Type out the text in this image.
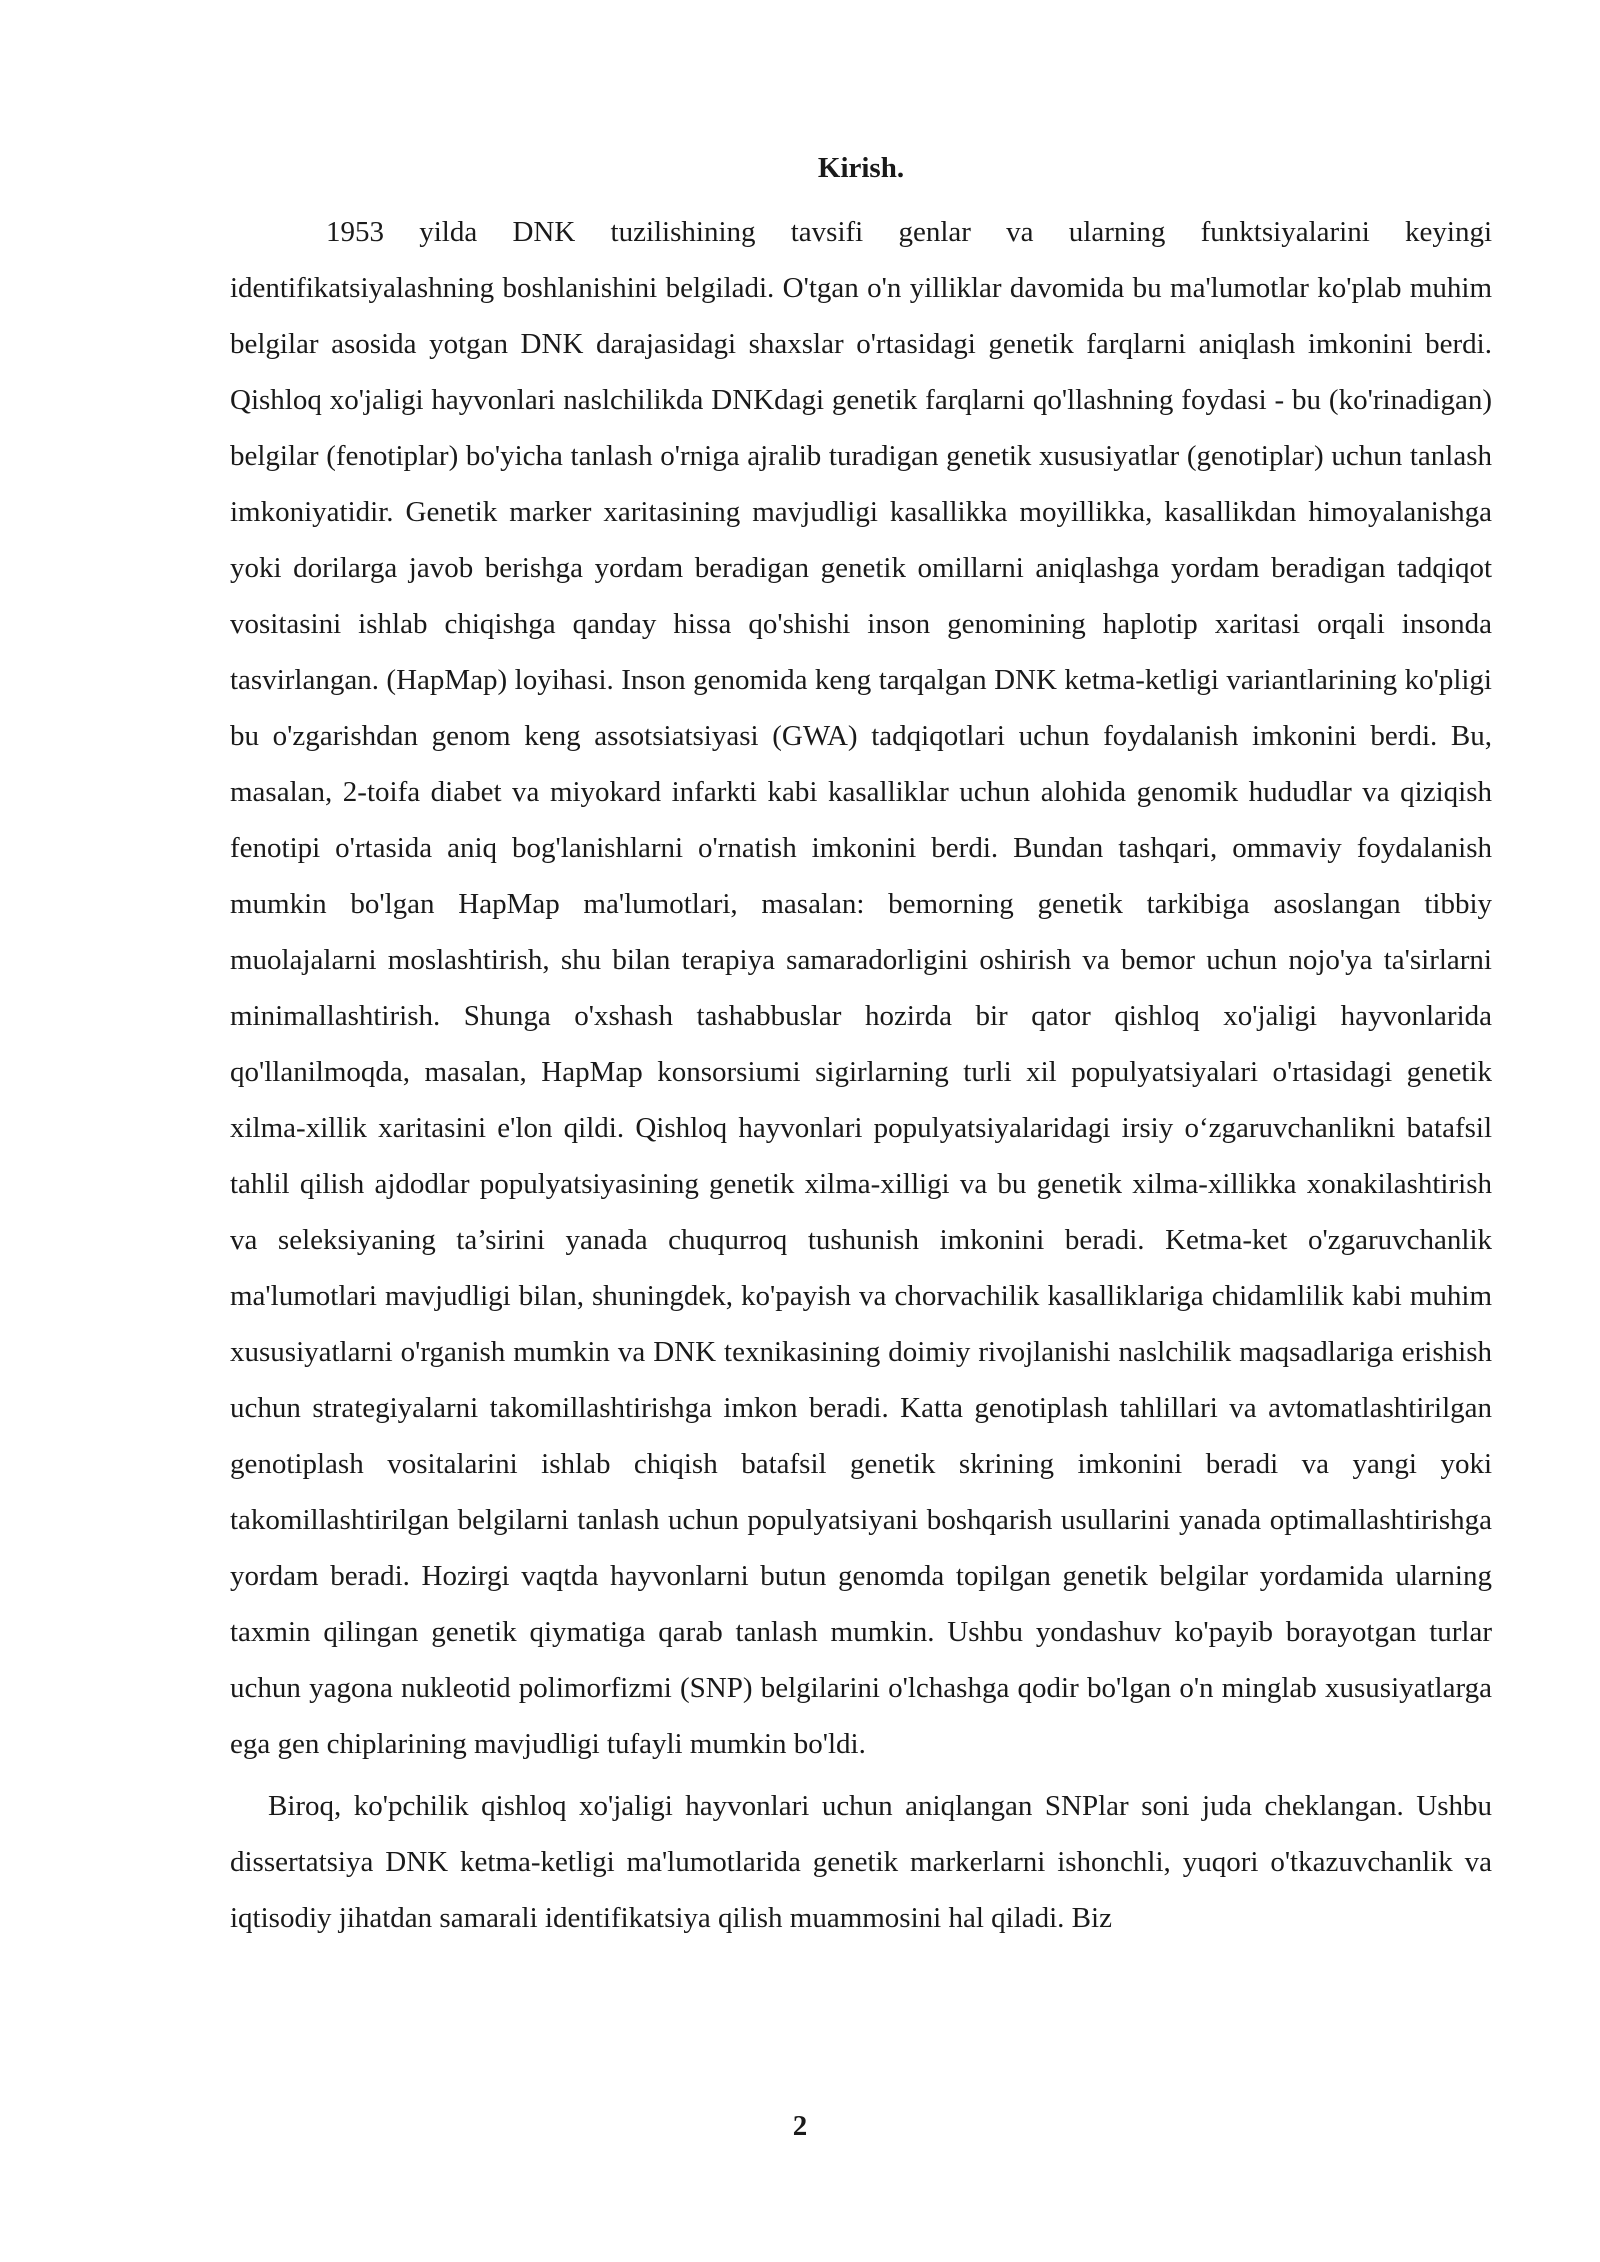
Kirish.

1953 yilda DNK tuzilishining tavsifi genlar va ularning funktsiyalarini keyingi identifikatsiyalashning boshlanishini belgiladi. O'tgan o'n yilliklar davomida bu ma'lumotlar ko'plab muhim belgilar asosida yotgan DNK darajasidagi shaxslar o'rtasidagi genetik farqlarni aniqlash imkonini berdi. Qishloq xo'jaligi hayvonlari naslchilikda DNKdagi genetik farqlarni qo'llashning foydasi - bu (ko'rinadigan) belgilar (fenotiplar) bo'yicha tanlash o'rniga ajralib turadigan genetik xususiyatlar (genotiplar) uchun tanlash imkoniyatidir. Genetik marker xaritasining mavjudligi kasallikka moyillikka, kasallikdan himoyalanishga yoki dorilarga javob berishga yordam beradigan genetik omillarni aniqlashga yordam beradigan tadqiqot vositasini ishlab chiqishga qanday hissa qo'shishi inson genomining haplotip xaritasi orqali insonda tasvirlangan. (HapMap) loyihasi. Inson genomida keng tarqalgan DNK ketma-ketligi variantlarining ko'pligi bu o'zgarishdan genom keng assotsiatsiyasi (GWA) tadqiqotlari uchun foydalanish imkonini berdi. Bu, masalan, 2-toifa diabet va miyokard infarkti kabi kasalliklar uchun alohida genomik hududlar va qiziqish fenotipi o'rtasida aniq bog'lanishlarni o'rnatish imkonini berdi. Bundan tashqari, ommaviy foydalanish mumkin bo'lgan HapMap ma'lumotlari, masalan: bemorning genetik tarkibiga asoslangan tibbiy muolajalarni moslashtirish, shu bilan terapiya samaradorligini oshirish va bemor uchun nojo'ya ta'sirlarni minimallashtirish. Shunga o'xshash tashabbuslar hozirda bir qator qishloq xo'jaligi hayvonlarida qo'llanilmoqda, masalan, HapMap konsorsiumi sigirlarning turli xil populyatsiyalari o'rtasidagi genetik xilma-xillik xaritasini e'lon qildi. Qishloq hayvonlari populyatsiyalaridagi irsiy o‘zgaruvchanlikni batafsil tahlil qilish ajdodlar populyatsiyasining genetik xilma-xilligi va bu genetik xilma-xillikka xonakilashtirish va seleksiyaning ta’sirini yanada chuqurroq tushunish imkonini beradi. Ketma-ket o'zgaruvchanlik ma'lumotlari mavjudligi bilan, shuningdek, ko'payish va chorvachilik kasalliklariga chidamlilik kabi muhim xususiyatlarni o'rganish mumkin va DNK texnikasining doimiy rivojlanishi naslchilik maqsadlariga erishish uchun strategiyalarni takomillashtirishga imkon beradi. Katta genotiplash tahlillari va avtomatlashtirilgan genotiplash vositalarini ishlab chiqish batafsil genetik skrining imkonini beradi va yangi yoki takomillashtirilgan belgilarni tanlash uchun populyatsiyani boshqarish usullarini yanada optimallashtirishga yordam beradi. Hozirgi vaqtda hayvonlarni butun genomda topilgan genetik belgilar yordamida ularning taxmin qilingan genetik qiymatiga qarab tanlash mumkin. Ushbu yondashuv ko'payib borayotgan turlar uchun yagona nukleotid polimorfizmi (SNP) belgilarini o'lchashga qodir bo'lgan o'n minglab xususiyatlarga ega gen chiplarining mavjudligi tufayli mumkin bo'ldi.

Biroq, ko'pchilik qishloq xo'jaligi hayvonlari uchun aniqlangan SNPlar soni juda cheklangan. Ushbu dissertatsiya DNK ketma-ketligi ma'lumotlarida genetik markerlarni ishonchli, yuqori o'tkazuvchanlik va iqtisodiy jihatdan samarali identifikatsiya qilish muammosini hal qiladi. Biz

2
